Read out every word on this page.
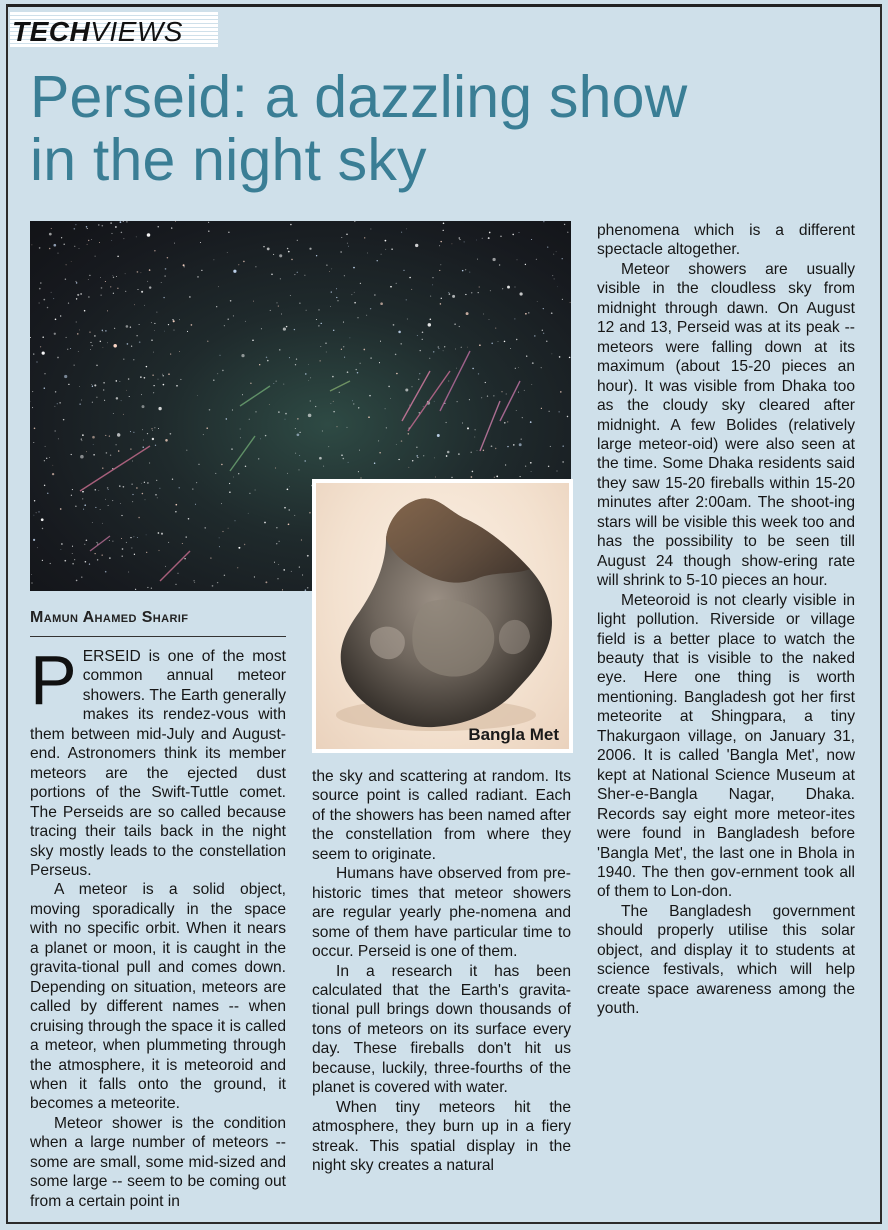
TECHVIEWS
Perseid: a dazzling show
in the night sky
Bangla Met
Mamun Ahamed Sharif

PERSEID is one of the most common annual meteor showers. The Earth generally makes its rendez-vous with them between mid-July and August-end. Astronomers think its member meteors are the ejected dust portions of the Swift-Tuttle comet. The Perseids are so called because tracing their tails back in the night sky mostly leads to the constellation Perseus.

A meteor is a solid object, moving sporadically in the space with no specific orbit. When it nears a planet or moon, it is caught in the gravita-tional pull and comes down. Depending on situation, meteors are called by different names -- when cruising through the space it is called a meteor, when plummeting through the atmosphere, it is meteoroid and when it falls onto the ground, it becomes a meteorite.

Meteor shower is the condition when a large number of meteors -- some are small, some mid-sized and some large -- seem to be coming out from a certain point in

the sky and scattering at random. Its source point is called radiant. Each of the showers has been named after the constellation from where they seem to originate.

Humans have observed from pre-historic times that meteor showers are regular yearly phe-nomena and some of them have particular time to occur. Perseid is one of them.

In a research it has been calculated that the Earth's gravita-tional pull brings down thousands of tons of meteors on its surface every day. These fireballs don't hit us because, luckily, three-fourths of the planet is covered with water.

When tiny meteors hit the atmosphere, they burn up in a fiery streak. This spatial display in the night sky creates a natural

phenomena which is a different spectacle altogether.

Meteor showers are usually visible in the cloudless sky from midnight through dawn. On August 12 and 13, Perseid was at its peak -- meteors were falling down at its maximum (about 15-20 pieces an hour). It was visible from Dhaka too as the cloudy sky cleared after midnight. A few Bolides (relatively large meteor-oid) were also seen at the time. Some Dhaka residents said they saw 15-20 fireballs within 15-20 minutes after 2:00am. The shoot-ing stars will be visible this week too and has the possibility to be seen till August 24 though show-ering rate will shrink to 5-10 pieces an hour.

Meteoroid is not clearly visible in light pollution. Riverside or village field is a better place to watch the beauty that is visible to the naked eye. Here one thing is worth mentioning. Bangladesh got her first meteorite at Shingpara, a tiny Thakurgaon village, on January 31, 2006. It is called 'Bangla Met', now kept at National Science Museum at Sher-e-Bangla Nagar, Dhaka. Records say eight more meteor-ites were found in Bangladesh before 'Bangla Met', the last one in Bhola in 1940. The then gov-ernment took all of them to Lon-don.

The Bangladesh government should properly utilise this solar object, and display it to students at science festivals, which will help create space awareness among the youth.
